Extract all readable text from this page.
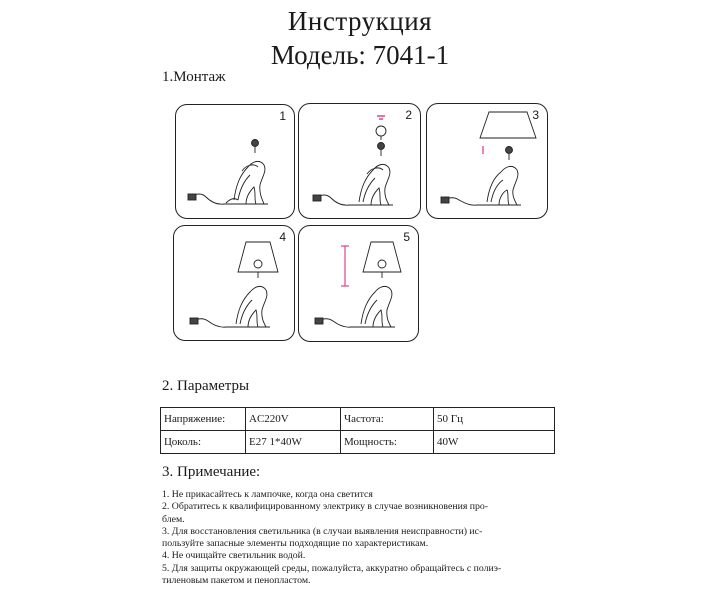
Инструкция
Модель: 7041-1
1.Монтаж
1	2	3
4	5
2. Параметры
Напряжение:	AC220V	Частота:	50 Гц
Цоколь:	E27 1*40W	Мощность:	40W
3. Примечание:
1. Не прикасайтесь к лампочке, когда она светится
2. Обратитесь к квалифицированному электрику в случае возникновения про-
блем.
3. Для восстановления светильника (в случаи выявления неисправности) ис-
пользуйте запасные элементы подходящие по характеристикам.
4. Не очищайте светильник водой.
5. Для защиты окружающей среды, пожалуйста, аккуратно обращайтесь с полиэ-
тиленовым пакетом и пенопластом.
